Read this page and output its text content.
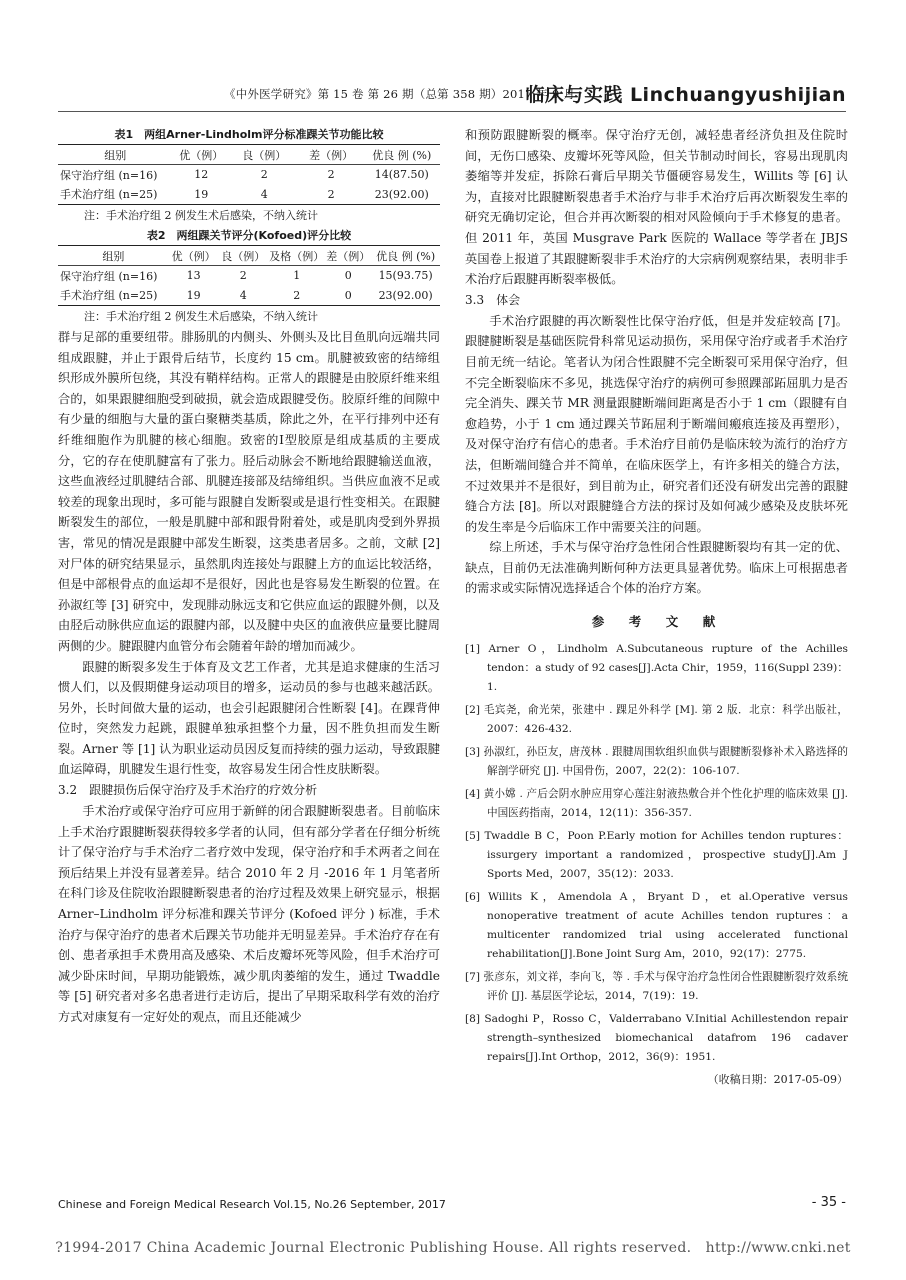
《中外医学研究》第 15 卷 第 26 期（总第 358 期）2017 年 9 月
临床与实践 Linchuangyushijian
表1　两组Arner-Lindholm评分标准踝关节功能比较
组别	优（例）	良（例）	差（例）	优良 例 (%)
保守治疗组 (n=16)	12	2	2	14(87.50)
手术治疗组 (n=25)	19	4	2	23(92.00)
注：手术治疗组 2 例发生术后感染，不纳入统计
表2　两组踝关节评分(Kofoed)评分比较
组别	优（例）	良（例）	及格（例）	差（例）	优良 例 (%)
保守治疗组 (n=16)	13	2	1	0	15(93.75)
手术治疗组 (n=25)	19	4	2	0	23(92.00)
注：手术治疗组 2 例发生术后感染，不纳入统计

群与足部的重要纽带。腓肠肌的内侧头、外侧头及比目鱼肌向远端共同组成跟腱，并止于跟骨后结节，长度约 15 cm。肌腱被致密的结缔组织形成外膜所包绕，其没有鞘样结构。正常人的跟腱是由胶原纤维来组合的，如果跟腱细胞受到破损，就会造成跟腱受伤。胶原纤维的间隙中有少量的细胞与大量的蛋白聚糖类基质，除此之外，在平行排列中还有纤维细胞作为肌腱的核心细胞。致密的Ⅰ型胶原是组成基质的主要成分，它的存在使肌腱富有了张力。胫后动脉会不断地给跟腱输送血液，这些血液经过肌腱结合部、肌腱连接部及结缔组织。当供应血液不足或较差的现象出现时，多可能与跟腱自发断裂或是退行性变相关。在跟腱断裂发生的部位，一般是肌腱中部和跟骨附着处，或是肌肉受到外界损害，常见的情况是跟腱中部发生断裂，这类患者居多。之前，文献 [2] 对尸体的研究结果显示，虽然肌肉连接处与跟腱上方的血运比较活络，但是中部根骨点的血运却不是很好，因此也是容易发生断裂的位置。在孙淑红等 [3] 研究中，发现腓动脉远支和它供应血运的跟腱外侧，以及由胫后动脉供应血运的跟腱内部，以及腱中央区的血液供应量要比腱周两侧的少。腱跟腱内血管分布会随着年龄的增加而减少。

跟腱的断裂多发生于体育及文艺工作者，尤其是追求健康的生活习惯人们，以及假期健身运动项目的增多，运动员的参与也越来越活跃。另外，长时间做大量的运动，也会引起跟腱闭合性断裂 [4]。在踝背伸位时，突然发力起跳，跟腱单独承担整个力量，因不胜负担而发生断裂。Arner 等 [1] 认为职业运动员因反复而持续的强力运动，导致跟腱血运障碍，肌腱发生退行性变，故容易发生闭合性皮肤断裂。

3.2　跟腱损伤后保守治疗及手术治疗的疗效分析

手术治疗或保守治疗可应用于新鲜的闭合跟腱断裂患者。目前临床上手术治疗跟腱断裂获得较多学者的认同，但有部分学者在仔细分析统计了保守治疗与手术治疗二者疗效中发现，保守治疗和手术两者之间在预后结果上并没有显著差异。结合 2010 年 2 月 -2016 年 1 月笔者所在科门诊及住院收治跟腱断裂患者的治疗过程及效果上研究显示，根据 Arner–Lindholm 评分标准和踝关节评分 (Kofoed 评分 ) 标准，手术治疗与保守治疗的患者术后踝关节功能并无明显差异。手术治疗存在有创、患者承担手术费用高及感染、术后皮瓣坏死等风险，但手术治疗可减少卧床时间，早期功能锻炼，减少肌肉萎缩的发生，通过 Twaddle 等 [5] 研究者对多名患者进行走访后，提出了早期采取科学有效的治疗方式对康复有一定好处的观点，而且还能减少

和预防跟腱断裂的概率。保守治疗无创，减轻患者经济负担及住院时间，无伤口感染、皮瓣坏死等风险，但关节制动时间长，容易出现肌肉萎缩等并发症，拆除石膏后早期关节僵硬容易发生，Willits 等 [6] 认为，直接对比跟腱断裂患者手术治疗与非手术治疗后再次断裂发生率的研究无确切定论，但合并再次断裂的相对风险倾向于手术修复的患者。但 2011 年，英国 Musgrave Park 医院的 Wallace 等学者在 JBJS 英国卷上报道了其跟腱断裂非手术治疗的大宗病例观察结果，表明非手术治疗后跟腱再断裂率极低。

3.3　体会

手术治疗跟腱的再次断裂性比保守治疗低，但是并发症较高 [7]。跟腱腱断裂是基础医院骨科常见运动损伤，采用保守治疗或者手术治疗目前无统一结论。笔者认为闭合性跟腱不完全断裂可采用保守治疗，但不完全断裂临床不多见，挑选保守治疗的病例可参照踝部跖屈肌力是否完全消失、踝关节 MR 测量跟腱断端间距离是否小于 1 cm（跟腱有自愈趋势，小于 1 cm 通过踝关节跖屈利于断端间瘢痕连接及再塑形），及对保守治疗有信心的患者。手术治疗目前仍是临床较为流行的治疗方法，但断端间缝合并不简单，在临床医学上，有许多相关的缝合方法，不过效果并不是很好，到目前为止，研究者们还没有研发出完善的跟腱缝合方法 [8]。所以对跟腱缝合方法的探讨及如何减少感染及皮肤坏死的发生率是今后临床工作中需要关注的问题。

综上所述，手术与保守治疗急性闭合性跟腱断裂均有其一定的优、缺点，目前仍无法准确判断何种方法更具显著优势。临床上可根据患者的需求或实际情况选择适合个体的治疗方案。

参　考　文　献
[1] Arner O，Lindholm A.Subcutaneous rupture of the Achilles tendon：a study of 92 cases[J].Acta Chir，1959，116(Suppl 239)：1.
[2] 毛宾尧，俞光荣，张建中 . 踝足外科学 [M]. 第 2 版．北京：科学出版社，2007：426-432.
[3] 孙淑红，孙臣友，唐茂林 . 跟腱周围软组织血供与跟腱断裂修补术入路选择的解剖学研究 [J]. 中国骨伤，2007，22(2)：106-107.
[4] 黄小嫦 . 产后会阴水肿应用穿心莲注射液热敷合并个性化护理的临床效果 [J]. 中国医药指南，2014，12(11)：356-357.
[5] Twaddle B C，Poon P.Early motion for Achilles tendon ruptures：issurgery important a randomized，prospective study[J].Am J Sports Med，2007，35(12)：2033.
[6] Willits K，Amendola A，Bryant D，et al.Operative versus nonoperative treatment of acute Achilles tendon ruptures：a multicenter randomized trial using accelerated functional rehabilitation[J].Bone Joint Surg Am，2010，92(17)：2775.
[7] 张彦东，刘文祥，李向飞，等 . 手术与保守治疗急性闭合性跟腱断裂疗效系统评价 [J]. 基层医学论坛，2014，7(19)：19.
[8] Sadoghi P，Rosso C，Valderrabano V.Initial Achillestendon repair strength–synthesized biomechanical datafrom 196 cadaver repairs[J].Int Orthop，2012，36(9)：1951.
（收稿日期：2017-05-09）
Chinese and Foreign Medical Research Vol.15, No.26 September, 2017	- 35 -
?1994-2017 China Academic Journal Electronic Publishing House. All rights reserved.　http://www.cnki.net
